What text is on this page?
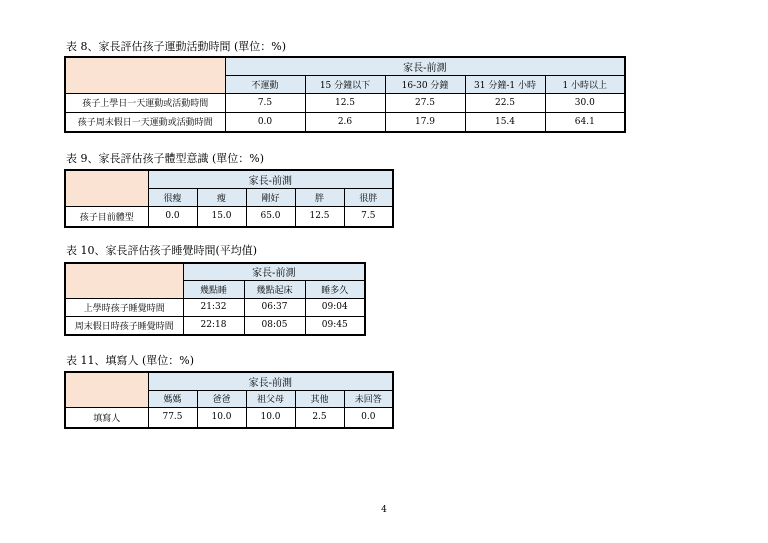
表 8、家長評估孩子運動活動時間 (單位：%)
	家長-前測				
	不運動	15 分鐘以下	16-30 分鐘	31 分鐘-1 小時	1 小時以上
孩子上學日一天運動或活動時間	7.5	12.5	27.5	22.5	30.0
孩子周末假日一天運動或活動時間	0.0	2.6	17.9	15.4	64.1
表 9、家長評估孩子體型意識 (單位：%)
	家長-前測				
	很瘦	瘦	剛好	胖	很胖
孩子目前體型	0.0	15.0	65.0	12.5	7.5
表 10、家長評估孩子睡覺時間(平均值)
	家長-前測		
	幾點睡	幾點起床	睡多久
上學時孩子睡覺時間	21:32	06:37	09:04
周末假日時孩子睡覺時間	22:18	08:05	09:45
表 11、填寫人 (單位：%)
	家長-前測				
	媽媽	爸爸	祖父母	其他	未回答
填寫人	77.5	10.0	10.0	2.5	0.0
4
